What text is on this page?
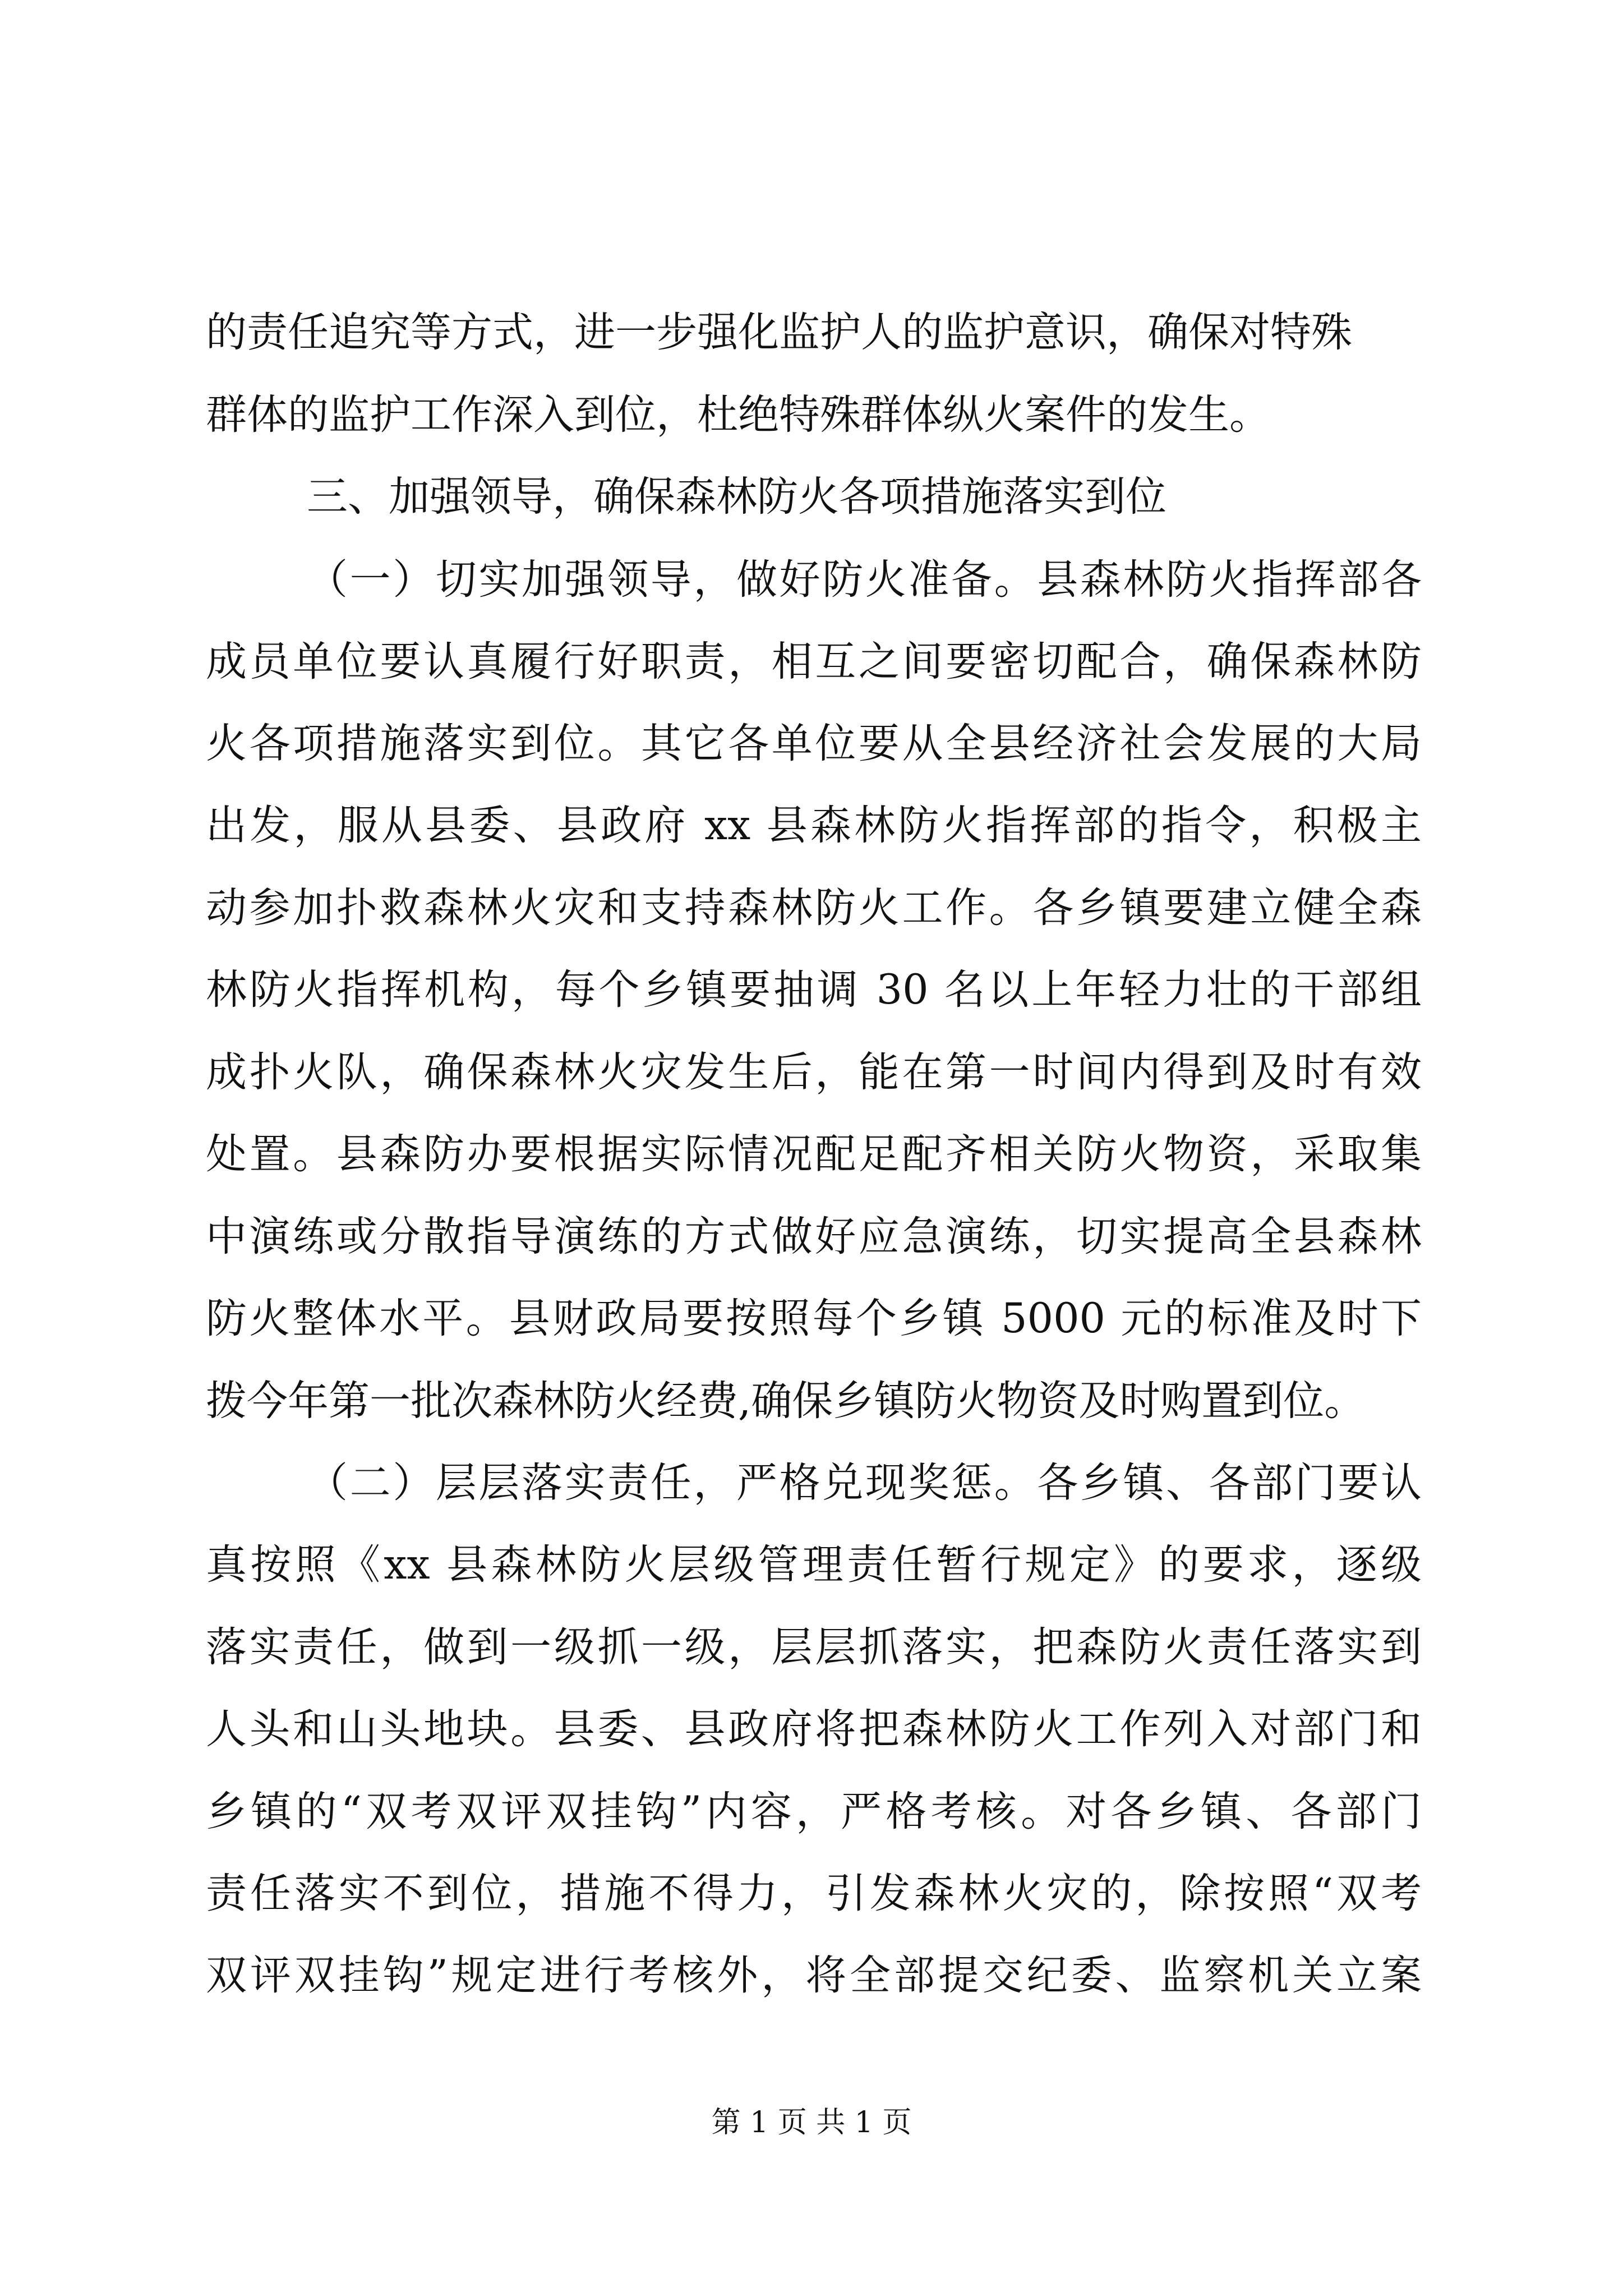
的责任追究等方式，进一步强化监护人的监护意识，确保对特殊
群体的监护工作深入到位，杜绝特殊群体纵火案件的发生。
三、加强领导，确保森林防火各项措施落实到位
（一）切实加强领导，做好防火准备。县森林防火指挥部各
成员单位要认真履行好职责，相互之间要密切配合，确保森林防
火各项措施落实到位。其它各单位要从全县经济社会发展的大局
出发，服从县委、县政府 xx 县森林防火指挥部的指令，积极主
动参加扑救森林火灾和支持森林防火工作。各乡镇要建立健全森
林防火指挥机构，每个乡镇要抽调 30 名以上年轻力壮的干部组
成扑火队，确保森林火灾发生后，能在第一时间内得到及时有效
处置。县森防办要根据实际情况配足配齐相关防火物资，采取集
中演练或分散指导演练的方式做好应急演练，切实提高全县森林
防火整体水平。县财政局要按照每个乡镇 5000 元的标准及时下
拨今年第一批次森林防火经费,确保乡镇防火物资及时购置到位。
（二）层层落实责任，严格兑现奖惩。各乡镇、各部门要认
真按照《xx 县森林防火层级管理责任暂行规定》的要求，逐级
落实责任，做到一级抓一级，层层抓落实，把森防火责任落实到
人头和山头地块。县委、县政府将把森林防火工作列入对部门和
乡镇的“双考双评双挂钩”内容，严格考核。对各乡镇、各部门
责任落实不到位，措施不得力，引发森林火灾的，除按照“双考
双评双挂钩”规定进行考核外，将全部提交纪委、监察机关立案
第 1 页 共 1 页
